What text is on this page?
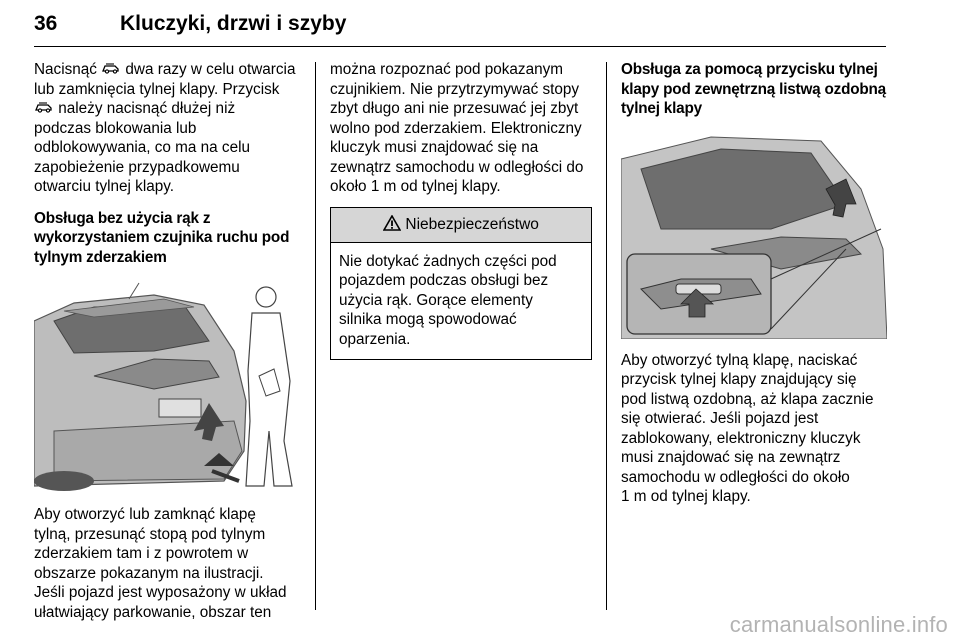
36	Kluczyki, drzwi i szyby
Nacisnąć  dwa razy w celu otwarcia
lub zamknięcia tylnej klapy. Przycisk
należy nacisnąć dłużej niż
podczas blokowania lub
odblokowywania, co ma na celu
zapobieżenie przypadkowemu
otwarciu tylnej klapy.
Obsługa bez użycia rąk z
wykorzystaniem czujnika ruchu pod
tylnym zderzakiem
Aby otworzyć lub zamknąć klapę
tylną, przesunąć stopą pod tylnym
zderzakiem tam i z powrotem w
obszarze pokazanym na ilustracji.
Jeśli pojazd jest wyposażony w układ
ułatwiający parkowanie, obszar ten
można rozpoznać pod pokazanym
czujnikiem. Nie przytrzymywać stopy
zbyt długo ani nie przesuwać jej zbyt
wolno pod zderzakiem. Elektroniczny
kluczyk musi znajdować się na
zewnątrz samochodu w odległości do
około 1 m od tylnej klapy.
Niebezpieczeństwo
Nie dotykać żadnych części pod
pojazdem podczas obsługi bez
użycia rąk. Gorące elementy
silnika mogą spowodować
oparzenia.
Obsługa za pomocą przycisku tylnej
klapy pod zewnętrzną listwą ozdobną
tylnej klapy
Aby otworzyć tylną klapę, naciskać
przycisk tylnej klapy znajdujący się
pod listwą ozdobną, aż klapa zacznie
się otwierać. Jeśli pojazd jest
zablokowany, elektroniczny kluczyk
musi znajdować się na zewnątrz
samochodu w odległości do około
1 m od tylnej klapy.
carmanualsonline.info
